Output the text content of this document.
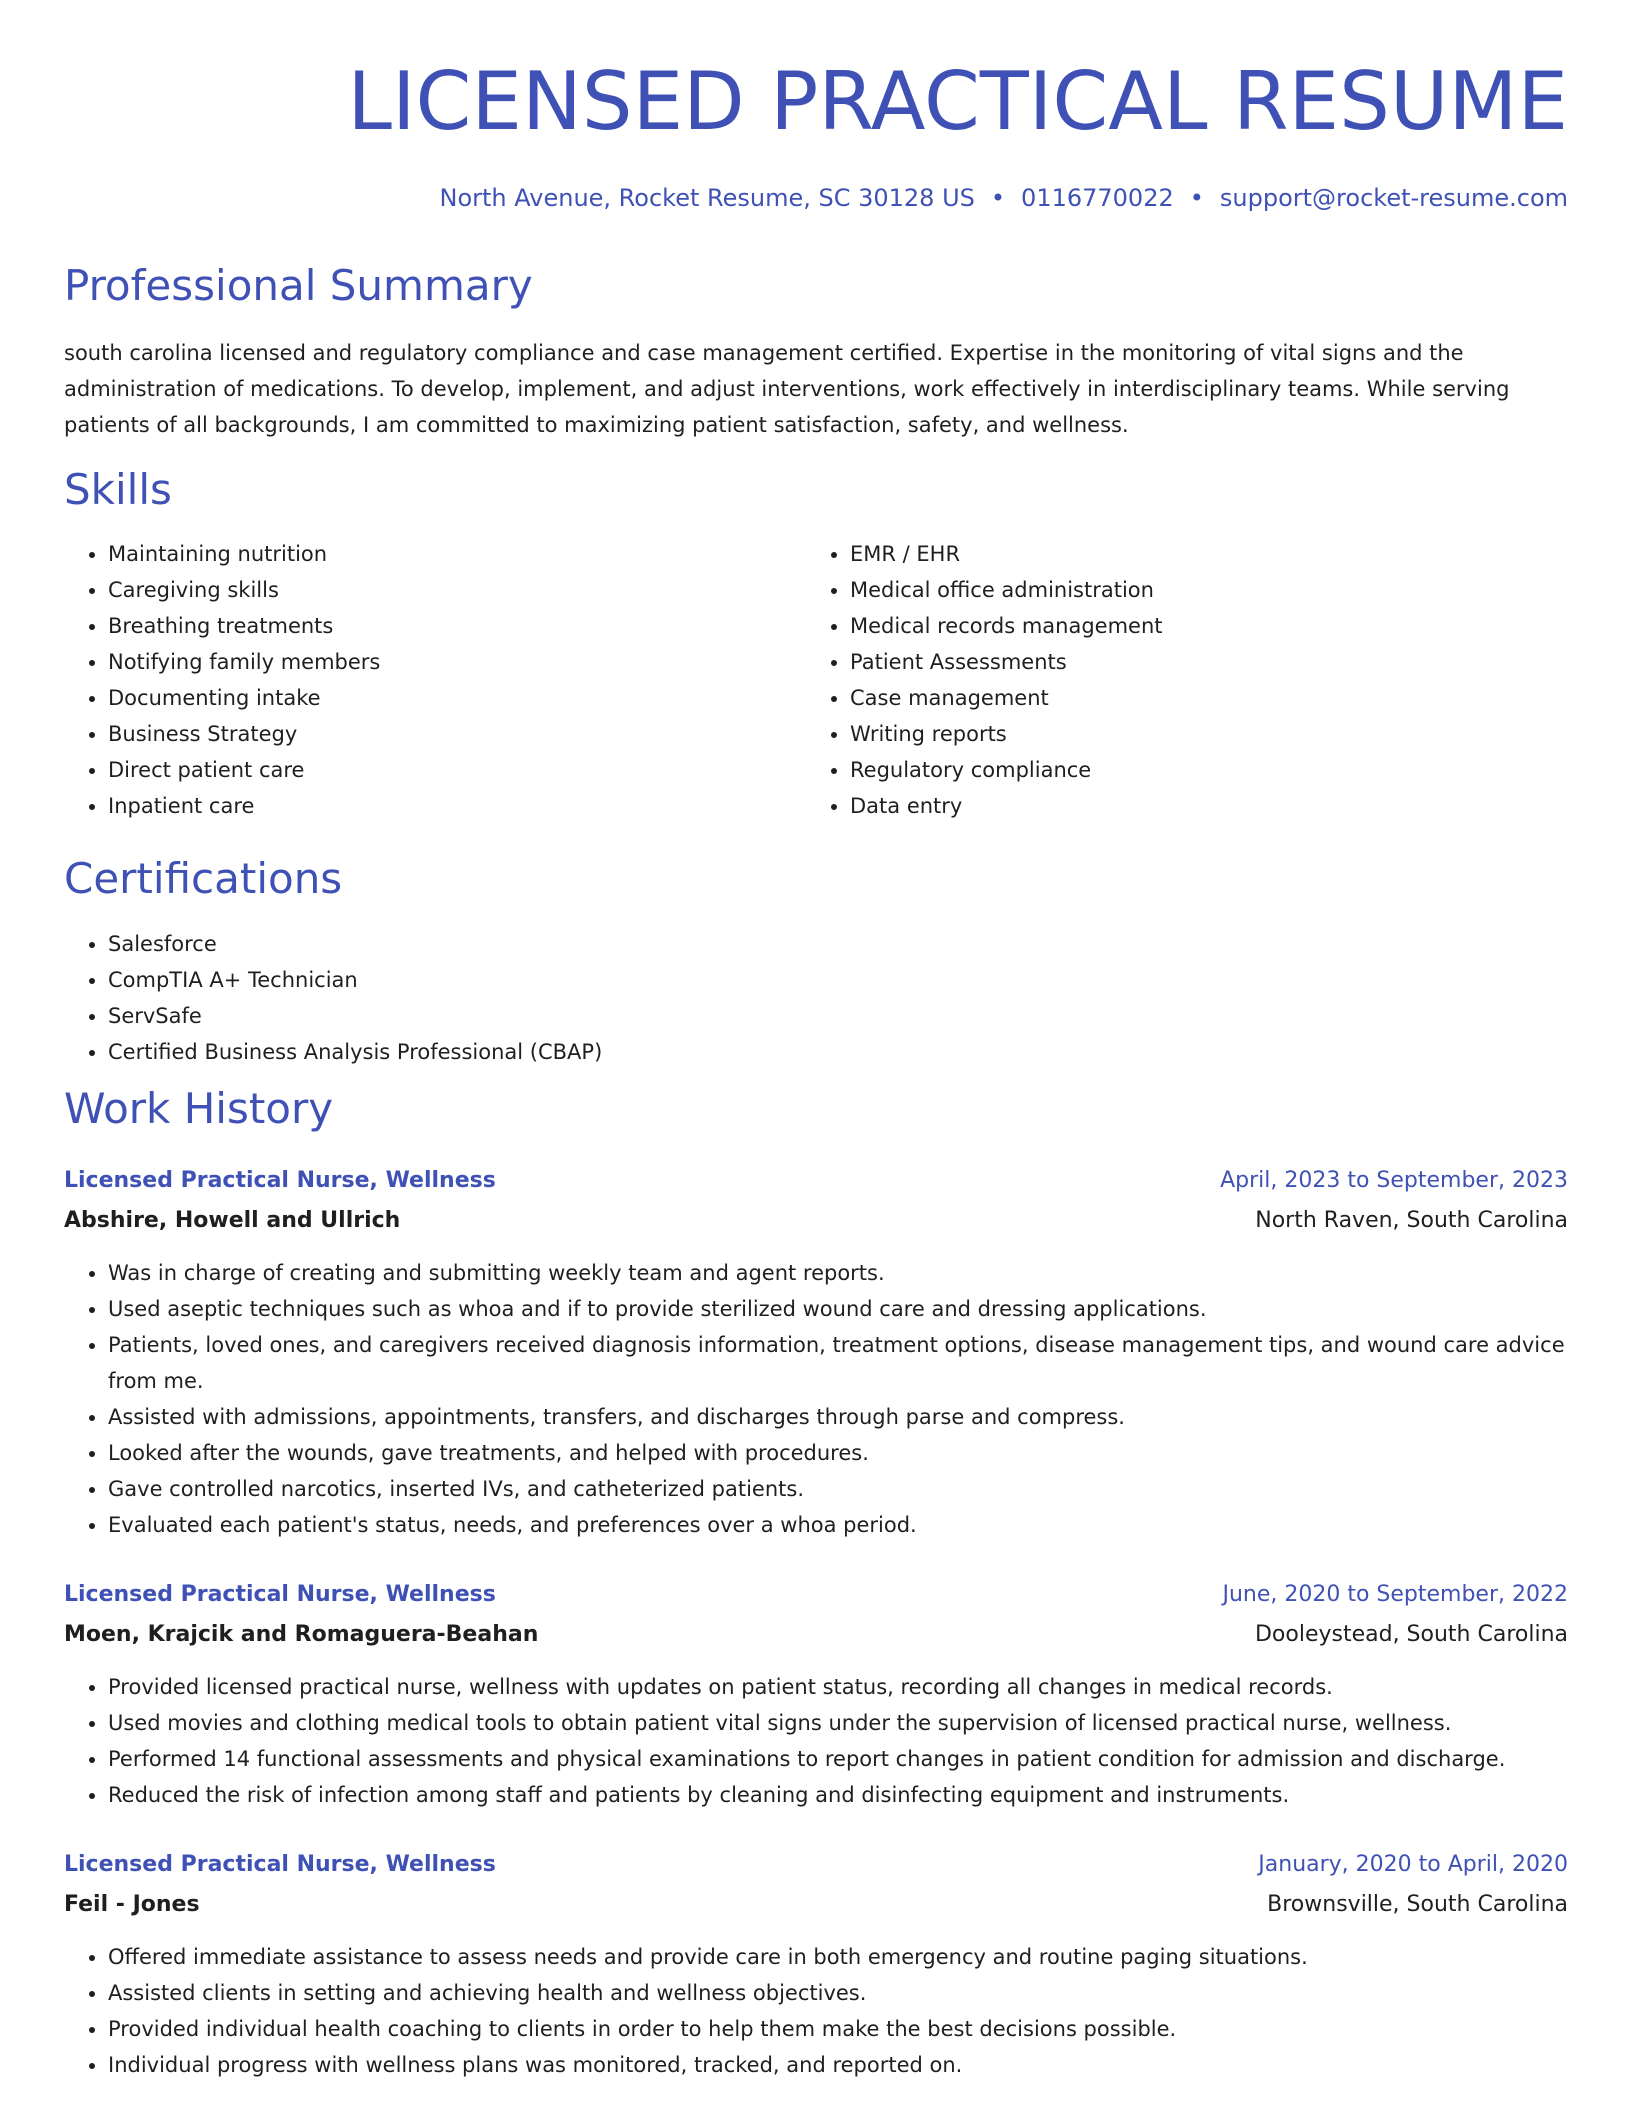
LICENSED PRACTICAL RESUME
North Avenue, Rocket Resume, SC 30128 US • 0116770022 • support@rocket-resume.com
Professional Summary

south carolina licensed and regulatory compliance and case management certified. Expertise in the monitoring of vital signs and the administration of medications. To develop, implement, and adjust interventions, work effectively in interdisciplinary teams. While serving patients of all backgrounds, I am committed to maximizing patient satisfaction, safety, and wellness.

Skills
• Maintaining nutrition
• Caregiving skills
• Breathing treatments
• Notifying family members
• Documenting intake
• Business Strategy
• Direct patient care
• Inpatient care
• EMR / EHR
• Medical office administration
• Medical records management
• Patient Assessments
• Case management
• Writing reports
• Regulatory compliance
• Data entry
Certifications
• Salesforce
• CompTIA A+ Technician
• ServSafe
• Certified Business Analysis Professional (CBAP)
Work History
Licensed Practical Nurse, Wellness	April, 2023 to September, 2023
Abshire, Howell and Ullrich	North Raven, South Carolina
• Was in charge of creating and submitting weekly team and agent reports.
• Used aseptic techniques such as whoa and if to provide sterilized wound care and dressing applications.
• Patients, loved ones, and caregivers received diagnosis information, treatment options, disease management tips, and wound care advice from me.
• Assisted with admissions, appointments, transfers, and discharges through parse and compress.
• Looked after the wounds, gave treatments, and helped with procedures.
• Gave controlled narcotics, inserted IVs, and catheterized patients.
• Evaluated each patient's status, needs, and preferences over a whoa period.
Licensed Practical Nurse, Wellness	June, 2020 to September, 2022
Moen, Krajcik and Romaguera-Beahan	Dooleystead, South Carolina
• Provided licensed practical nurse, wellness with updates on patient status, recording all changes in medical records.
• Used movies and clothing medical tools to obtain patient vital signs under the supervision of licensed practical nurse, wellness.
• Performed 14 functional assessments and physical examinations to report changes in patient condition for admission and discharge.
• Reduced the risk of infection among staff and patients by cleaning and disinfecting equipment and instruments.
Licensed Practical Nurse, Wellness	January, 2020 to April, 2020
Feil - Jones	Brownsville, South Carolina
• Offered immediate assistance to assess needs and provide care in both emergency and routine paging situations.
• Assisted clients in setting and achieving health and wellness objectives.
• Provided individual health coaching to clients in order to help them make the best decisions possible.
• Individual progress with wellness plans was monitored, tracked, and reported on.
